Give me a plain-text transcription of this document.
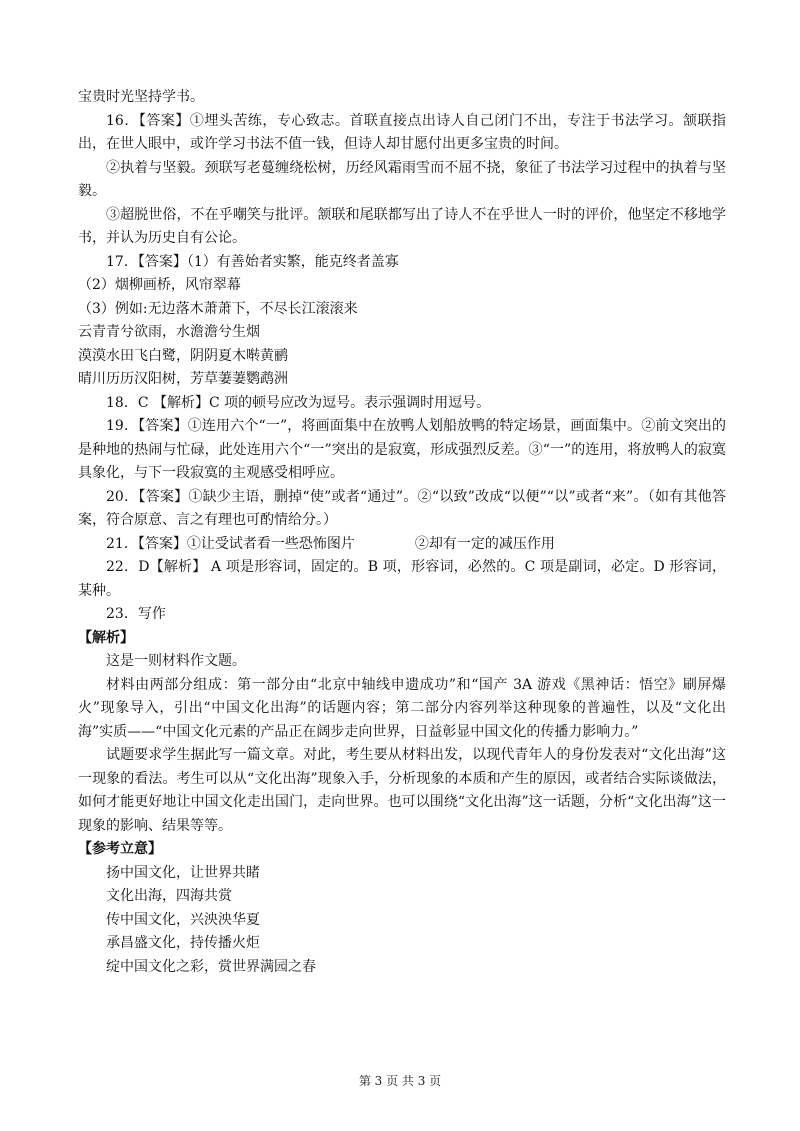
宝贵时光坚持学书。

16．【答案】①埋头苦练，专心致志。首联直接点出诗人自己闭门不出，专注于书法学习。颔联指出，在世人眼中，或许学习书法不值一钱，但诗人却甘愿付出更多宝贵的时间。

②执着与坚毅。颈联写老蔓缠绕松树，历经风霜雨雪而不屈不挠，象征了书法学习过程中的执着与坚毅。

③超脱世俗，不在乎嘲笑与批评。颔联和尾联都写出了诗人不在乎世人一时的评价，他坚定不移地学书，并认为历史自有公论。

17．【答案】（1）有善始者实繁，能克终者盖寡

（2）烟柳画桥，风帘翠幕

（3）例如:无边落木萧萧下，不尽长江滚滚来

云青青兮欲雨，水澹澹兮生烟

漠漠水田飞白鹭，阴阴夏木啭黄鹂

晴川历历汉阳树，芳草萋萋鹦鹉洲

18．C 【解析】C 项的顿号应改为逗号。表示强调时用逗号。

19．【答案】①连用六个“一”，将画面集中在放鸭人划船放鸭的特定场景，画面集中。②前文突出的是种地的热闹与忙碌，此处连用六个“一”突出的是寂寞，形成强烈反差。③“一”的连用，将放鸭人的寂寞具象化，与下一段寂寞的主观感受相呼应。

20．【答案】①缺少主语，删掉“使”或者“通过”。②“以致”改成“以便”“以”或者“来”。（如有其他答案，符合原意、言之有理也可酌情给分。）

21．【答案】①让受试者看一些恐怖图片	②却有一定的减压作用

22．D【解析】 A 项是形容词，固定的。B 项，形容词，必然的。C 项是副词，必定。D 形容词，某种。

23．写作

【解析】

这是一则材料作文题。

材料由两部分组成：第一部分由“北京中轴线申遗成功”和“国产 3A 游戏《黑神话：悟空》刷屏爆火”现象导入，引出“中国文化出海”的话题内容；第二部分内容列举这种现象的普遍性，以及“文化出海”实质——“中国文化元素的产品正在阔步走向世界，日益彰显中国文化的传播力影响力。”

试题要求学生据此写一篇文章。对此，考生要从材料出发，以现代青年人的身份发表对“文化出海”这一现象的看法。考生可以从“文化出海”现象入手，分析现象的本质和产生的原因，或者结合实际谈做法，如何才能更好地让中国文化走出国门，走向世界。也可以围绕“文化出海”这一话题，分析“文化出海”这一现象的影响、结果等等。

【参考立意】

扬中国文化，让世界共睹

文化出海，四海共赏

传中国文化，兴泱泱华夏

承昌盛文化，持传播火炬

绽中国文化之彩，赏世界满园之春

第 3 页 共 3 页
